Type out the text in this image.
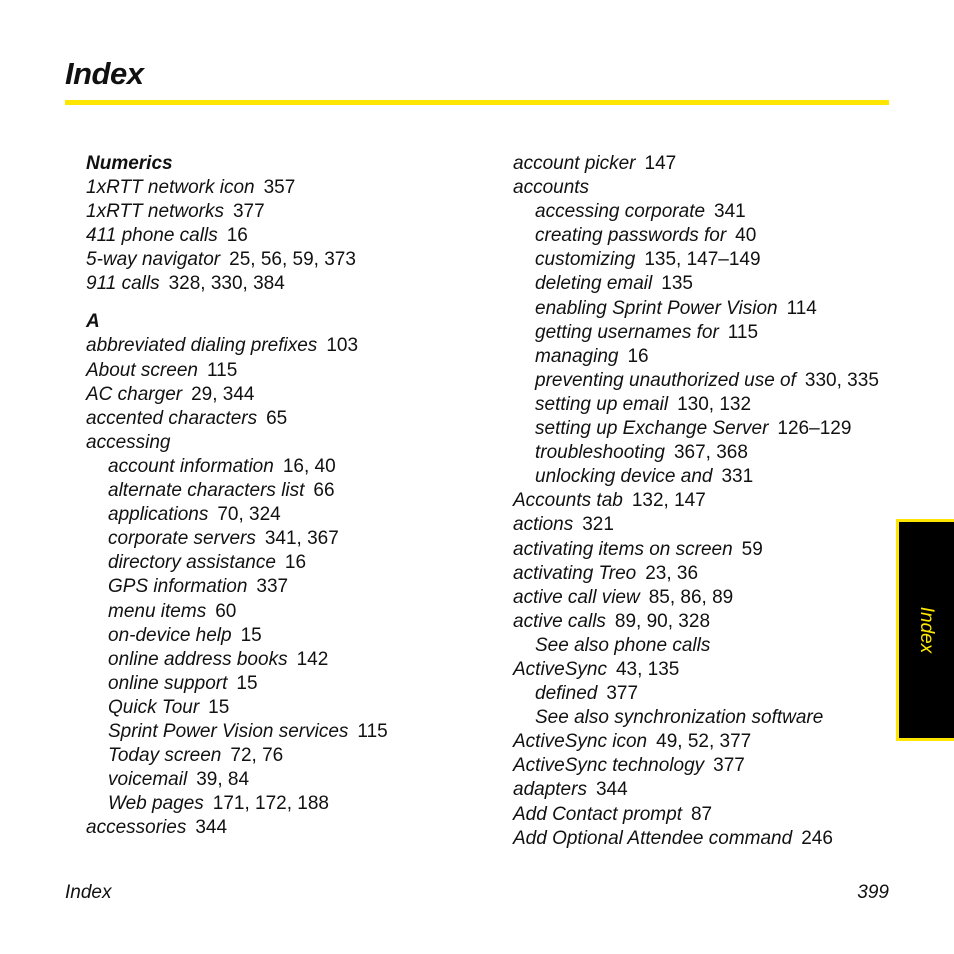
Index
Numerics
1xRTT network icon 357
1xRTT networks 377
411 phone calls 16
5-way navigator 25, 56, 59, 373
911 calls 328, 330, 384
A
abbreviated dialing prefixes 103
About screen 115
AC charger 29, 344
accented characters 65
accessing
account information 16, 40
alternate characters list 66
applications 70, 324
corporate servers 341, 367
directory assistance 16
GPS information 337
menu items 60
on-device help 15
online address books 142
online support 15
Quick Tour 15
Sprint Power Vision services 115
Today screen 72, 76
voicemail 39, 84
Web pages 171, 172, 188
accessories 344
account picker 147
accounts
accessing corporate 341
creating passwords for 40
customizing 135, 147–149
deleting email 135
enabling Sprint Power Vision 114
getting usernames for 115
managing 16
preventing unauthorized use of 330, 335
setting up email 130, 132
setting up Exchange Server 126–129
troubleshooting 367, 368
unlocking device and 331
Accounts tab 132, 147
actions 321
activating items on screen 59
activating Treo 23, 36
active call view 85, 86, 89
active calls 89, 90, 328
See also phone calls
ActiveSync 43, 135
defined 377
See also synchronization software
ActiveSync icon 49, 52, 377
ActiveSync technology 377
adapters 344
Add Contact prompt 87
Add Optional Attendee command 246
Index	399
Index
